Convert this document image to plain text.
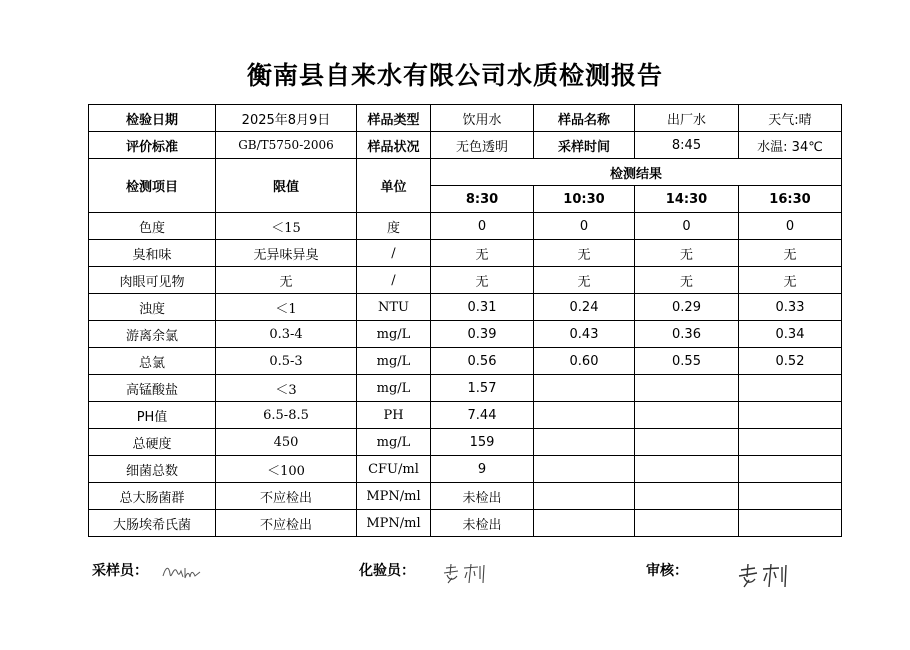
衡南县自来水有限公司水质检测报告
检验日期	2025年8月9日	样品类型	饮用水	样品名称	出厂水	天气:晴
评价标准	GB/T5750-2006	样品状况	无色透明	采样时间	8:45	水温: 34℃
检测项目	限值	单位	检测结果			
			8:30	10:30	14:30	16:30
色度	＜15	度	0	0	0	0
臭和味	无异味异臭	/	无	无	无	无
肉眼可见物	无	/	无	无	无	无
浊度	＜1	NTU	0.31	0.24	0.29	0.33
游离余氯	0.3-4	mg/L	0.39	0.43	0.36	0.34
总氯	0.5-3	mg/L	0.56	0.60	0.55	0.52
高锰酸盐	＜3	mg/L	1.57			
PH值	6.5-8.5	PH	7.44			
总硬度	450	mg/L	159			
细菌总数	＜100	CFU/ml	9			
总大肠菌群	不应检出	MPN/ml	未检出			
大肠埃希氏菌	不应检出	MPN/ml	未检出			
采样员：	化验员：	审核：
